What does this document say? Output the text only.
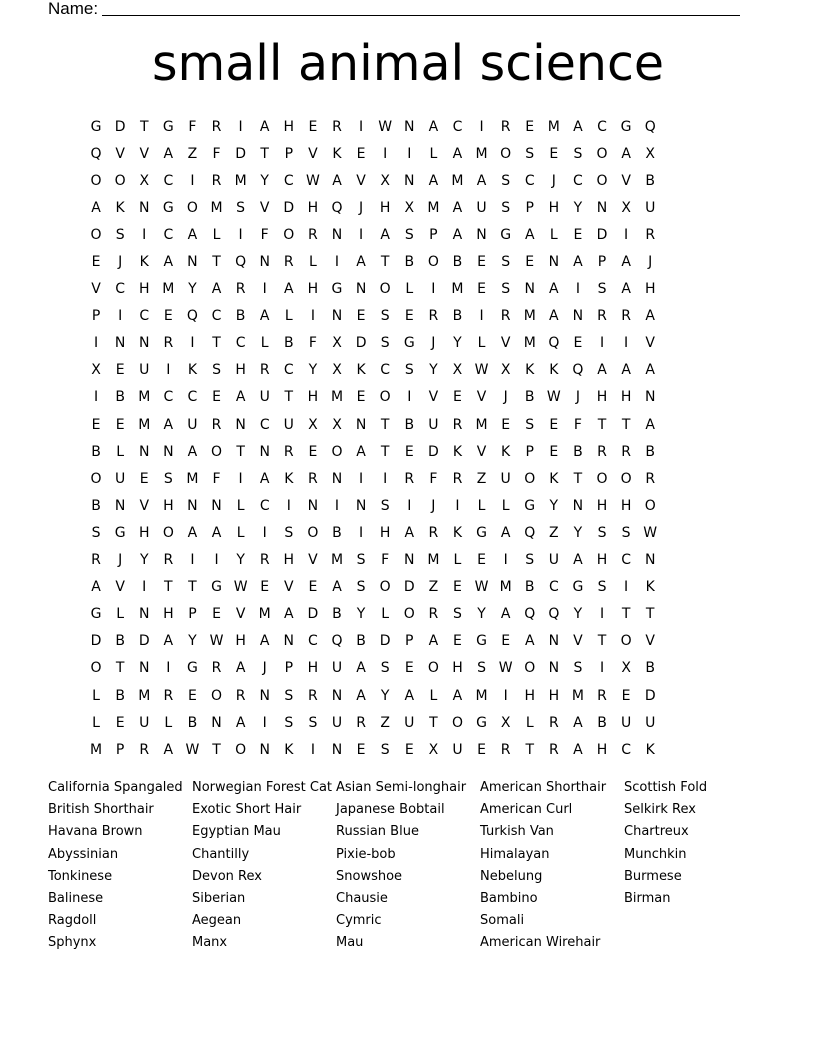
Name:
small animal science
G D	T	G	F	R	I	A	H	E	R	I	W N	A	C	I	R	E M A	C G Q
Q V	V	A	Z	F	D	T	P	V	K	E	I	I	L	A M O	S	E	S	O A	X
O O X	C	I	R M Y	C W A	V	X	N	A M A	S	C	J	C O V	B
A	K	N G O M S	V D H Q	J	H	X M A	U	S	P	H	Y	N	X	U
O	S	I	C	A	L	I	F	O R N	I	A	S	P	A	N G A	L	E	D	I	R
E	J	K	A	N	T	Q N R	L	I	A	T	B O B	E	S	E	N	A	P	A	J
V	C H M Y	A	R	I	A	H G N O	L	I	M E	S	N	A	I	S	A	H
P	I	C	E	Q C	B	A	L	I	N	E	S	E	R	B	I	R M A	N R	R	A
I	N N R	I	T	C	L	B	F	X D	S	G	J	Y	L	V M Q	E	I	I	V
X	E	U	I	K	S	H R	C	Y	X	K	C	S	Y	X W X	K	K Q A	A	A
I	B M C	C	E	A	U	T	H M E	O	I	V	E	V	J	B W	J	H H N
E	E M A	U	R N C	U	X	X	N	T	B	U	R M E	S	E	F	T	T	A
B	L	N N	A O	T	N R	E	O A	T	E	D	K	V	K	P	E	B	R	R	B
O U	E	S M	F	I	A	K	R N	I	I	R	F	R	Z	U O K	T	O O R
B	N	V	H N N	L	C	I	N	I	N	S	I	J	I	L	L	G	Y	N H H O
S	G H O A	A	L	I	S	O B	I	H	A	R	K	G A Q Z	Y	S	S W
R	J	Y	R	I	I	Y	R H	V M S	F	N M	L	E	I	S	U	A	H C N
A	V	I	T	T	G W E	V	E	A	S	O D Z	E W M B	C G	S	I	K
G	L	N H	P	E	V M A D B	Y	L	O R	S	Y	A Q Q	Y	I	T	T
D B D A	Y W H	A	N C Q B D	P	A	E	G	E	A	N	V	T	O V
O	T	N	I	G R	A	J	P	H U	A	S	E	O H	S W O N	S	I	X	B
L	B M R	E	O R N	S	R N	A	Y	A	L	A M	I	H H M R	E	D
L	E	U	L	B	N	A	I	S	S	U	R	Z	U	T	O G X	L	R	A	B	U U
M P	R	A W T	O N	K	I	N	E	S	E	X	U	E	R	T	R	A	H C	K
California Spangaled
British Shorthair
Havana Brown
Abyssinian
Tonkinese
Balinese
Ragdoll
Sphynx
Norwegian Forest Cat
Exotic Short Hair
Egyptian Mau
Chantilly
Devon Rex
Siberian
Aegean
Manx
Asian Semi-longhair
Japanese Bobtail
Russian Blue
Pixie-bob
Snowshoe
Chausie
Cymric
Mau
American Shorthair
American Curl
Turkish Van
Himalayan
Nebelung
Bambino
Somali
American Wirehair
Scottish Fold
Selkirk Rex
Chartreux
Munchkin
Burmese
Birman
